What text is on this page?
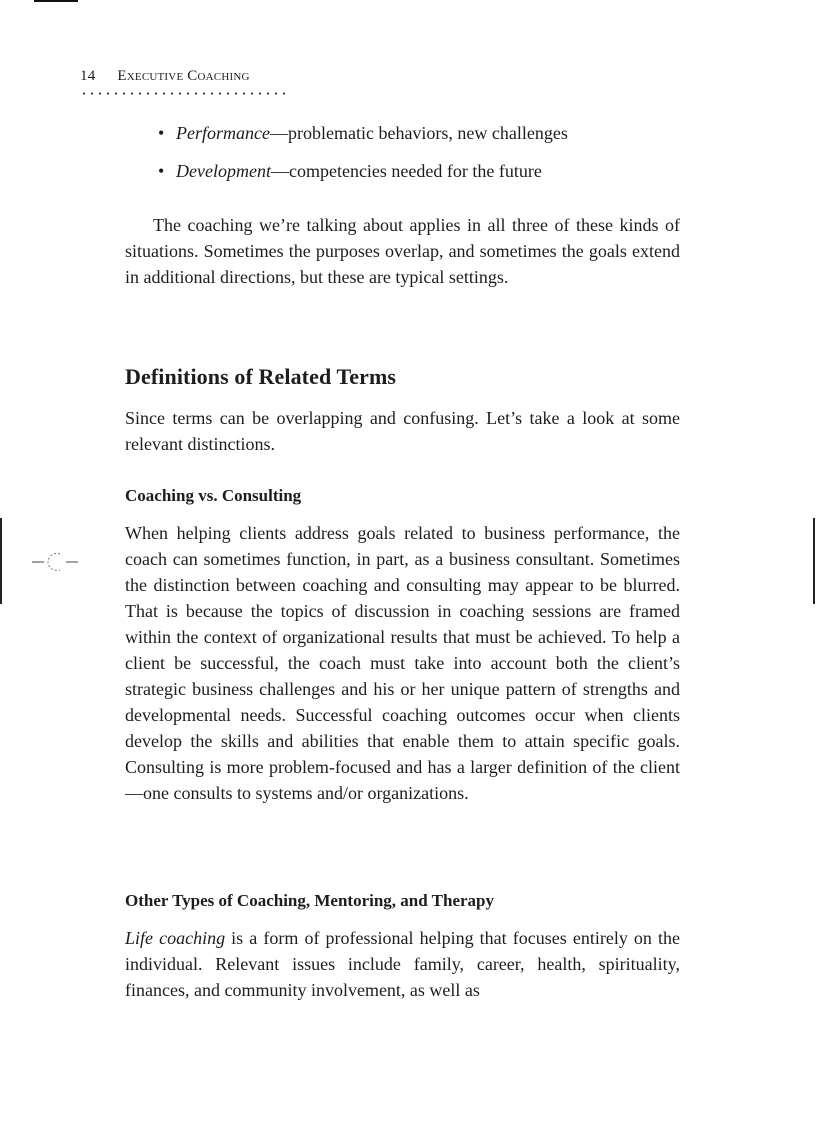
14 Executive Coaching
• Performance—problematic behaviors, new challenges
• Development—competencies needed for the future

The coaching we’re talking about applies in all three of these kinds of situations. Sometimes the purposes overlap, and sometimes the goals extend in additional directions, but these are typical settings.

Definitions of Related Terms

Since terms can be overlapping and confusing. Let’s take a look at some relevant distinctions.

Coaching vs. Consulting

When helping clients address goals related to business performance, the coach can sometimes function, in part, as a business consultant. Sometimes the distinction between coaching and consulting may appear to be blurred. That is because the topics of discussion in coaching sessions are framed within the context of organizational results that must be achieved. To help a client be successful, the coach must take into account both the client’s strategic business challenges and his or her unique pattern of strengths and developmental needs. Successful coaching outcomes occur when clients develop the skills and abilities that enable them to attain specific goals. Consulting is more problem-focused and has a larger definition of the client—one consults to systems and/or organizations.

Other Types of Coaching, Mentoring, and Therapy

Life coaching is a form of professional helping that focuses entirely on the individual. Relevant issues include family, career, health, spirituality, finances, and community involvement, as well as
